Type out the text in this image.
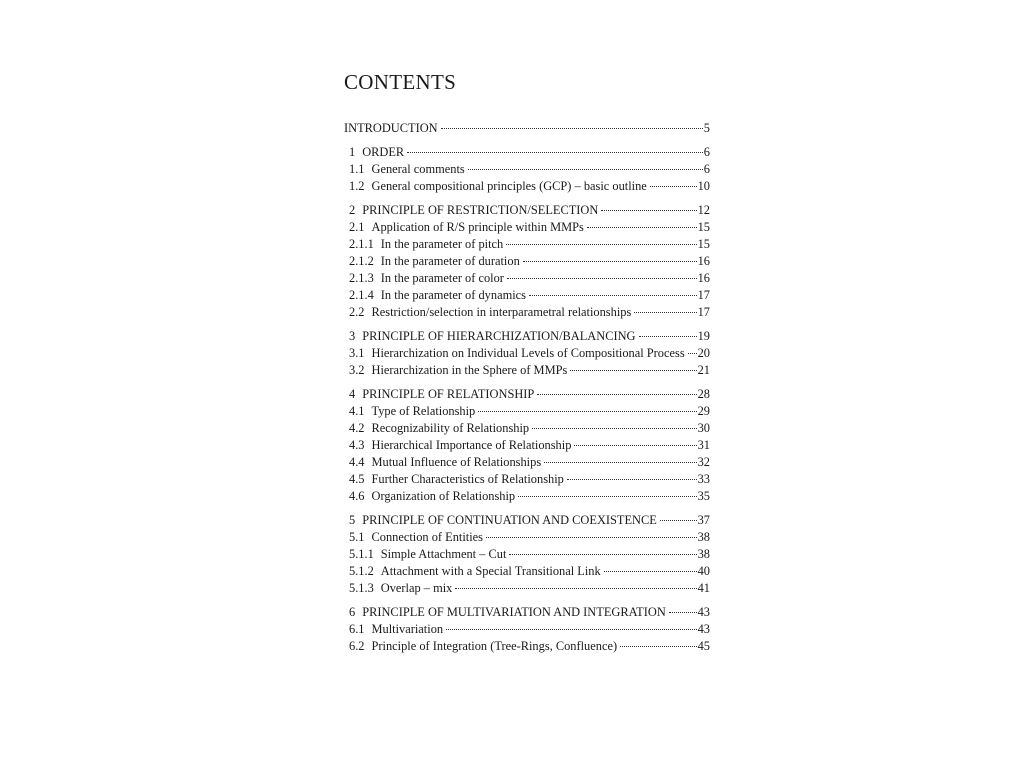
CONTENTS
INTRODUCTION	5
1 ORDER	6
1.1 General comments	6
1.2 General compositional principles (GCP) – basic outline	10
2 PRINCIPLE OF RESTRICTION/SELECTION	12
2.1 Application of R/S principle within MMPs	15
2.1.1 In the parameter of pitch	15
2.1.2 In the parameter of duration	16
2.1.3 In the parameter of color	16
2.1.4 In the parameter of dynamics	17
2.2 Restriction/selection in interparametral relationships	17
3 PRINCIPLE OF HIERARCHIZATION/BALANCING	19
3.1 Hierarchization on Individual Levels of Compositional Process 20
3.2 Hierarchization in the Sphere of MMPs	21
4 PRINCIPLE OF RELATIONSHIP	28
4.1 Type of Relationship	29
4.2 Recognizability of Relationship	30
4.3 Hierarchical Importance of Relationship	31
4.4 Mutual Influence of Relationships	32
4.5 Further Characteristics of Relationship	33
4.6 Organization of Relationship	35
5 PRINCIPLE OF CONTINUATION AND COEXISTENCE	37
5.1 Connection of Entities	38
5.1.1 Simple Attachment – Cut	38
5.1.2 Attachment with a Special Transitional Link	40
5.1.3 Overlap – mix	41
6 PRINCIPLE OF MULTIVARIATION AND INTEGRATION	43
6.1 Multivariation	43
6.2 Principle of Integration (Tree-Rings, Confluence)	45
